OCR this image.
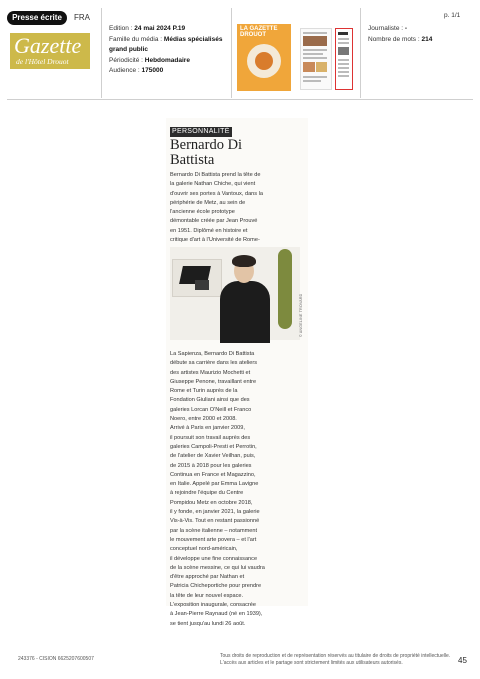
Presse écrite	FRA
Gazette
de l'Hôtel Drouot
Edition : 24 mai 2024 P.19
Famille du média : Médias spécialisés
grand public
Périodicité : Hebdomadaire
Audience : 175000
LA GAZETTE DROUOT
Journaliste : -
Nombre de mots : 214
p. 1/1
PERSONNALITÉ
Bernardo Di
Battista
Bernardo Di Battista prend la tête de
la galerie Nathan Chiche, qui vient
d'ouvrir ses portes à Vantoux, dans la
périphérie de Metz, au sein de
l'ancienne école prototype
démontable créée par Jean Prouvé
en 1951. Diplômé en histoire et
critique d'art à l'Université de Rome-
© ANGELINE TROVARD
La Sapienza, Bernardo Di Battista
débute sa carrière dans les ateliers
des artistes Maurizio Mochetti et
Giuseppe Penone, travaillant entre
Rome et Turin auprès de la
Fondation Giuliani ainsi que des
galeries Lorcan O'Neill et Franco
Noero, entre 2000 et 2008.
Arrivé à Paris en janvier 2009,
il poursuit son travail auprès des
galeries Campoli-Presti et Perrotin,
de l'atelier de Xavier Veilhan, puis,
de 2015 à 2018 pour les galeries
Continua en France et Magazzino,
en Italie. Appelé par Emma Lavigne
à rejoindre l'équipe du Centre
Pompidou Metz en octobre 2018,
il y fonde, en janvier 2021, la galerie
Vis-à-Vis. Tout en restant passionné
par la scène italienne – notamment
le mouvement arte povera – et l'art
conceptuel nord-américain,
il développe une fine connaissance
de la scène messine, ce qui lui vaudra
d'être approché par Nathan et
Patricia Chicheportiche pour prendre
la tête de leur nouvel espace.
L'exposition inaugurale, consacrée
à Jean-Pierre Raynaud (né en 1939),
se tient jusqu'au lundi 26 août.
243376 - CISION 6625207600507	Tous droits de reproduction et de représentation réservés au titulaire de droits de propriété intellectuelle.
L'accès aux articles et le partage sont strictement limités aux utilisateurs autorisés.	45
